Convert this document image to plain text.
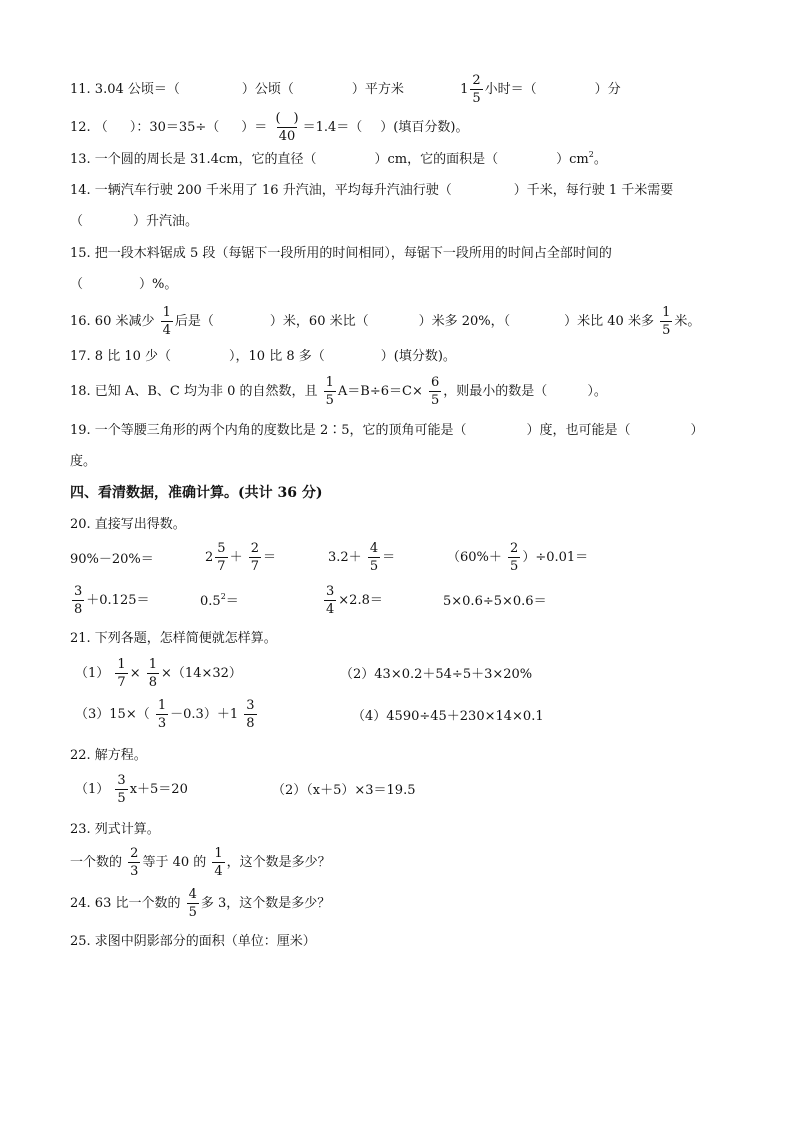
11. 3.04 公顷＝（	）公顷（	）平方米	$1 \frac{2}{5}$ 小时＝（	）分
12. （ ）：30＝35÷（ ）＝ $\frac{( )}{40} =1.4=$（ ）(填百分数)。
13. 一个圆的周长是 31.4cm，它的直径（	）cm，它的面积是（	）$cm^2$。
14. 一辆汽车行驶 200 千米用了 16 升汽油，平均每升汽油行驶（	）千米，每行驶 1 千米需要
（	）升汽油。
15. 把一段木料锯成 5 段（每锯下一段所用的时间相同），每锯下一段所用的时间占全部时间的
（	）%。
16. 60 米减少 $\frac{1}{4}$ 后是（	）米，60 米比（	）米多 20%，（	）米比 40 米多 $\frac{1}{5}$ 米。
17. 8 比 10 少（	），10 比 8 多（	）(填分数)。
18. 已知 A、B、C 均为非 0 的自然数，且 $\frac{1}{5} A=B\div 6=C\times \frac{6}{5}$ ，则最小的数是（	）。
19. 一个等腰三角形的两个内角的度数比是 2∶5，它的顶角可能是（	）度，也可能是（	）
度。
四、看清数据，准确计算。(共计 36 分)
20. 直接写出得数。
90%－20%＝	$2 \frac{5}{7} + \frac{2}{7}$ ＝	$3.2+ \frac{4}{5}$ ＝	$(60\%+ \frac{2}{5} )\div 0.01=$
$\frac{3}{8} +0.125=$	$0.5^2=$	$\frac{3}{4} \times 2.8=$	5×0.6÷5×0.6＝
21. 下列各题，怎样简便就怎样算。
$(1) \frac{1}{7} \times \frac{1}{8} \times(14\times 32)$	（2）43×0.2＋54÷5＋3×20%
$(3)15\times( \frac{1}{3} -0.3)+1 \frac{3}{8}$	（4）4590÷45＋230×14×0.1
22. 解方程。
$(1) \frac{3}{5} x+5=20$	（2）（x＋5）×3＝19.5
23. 列式计算。
一个数的 $\frac{2}{3}$ 等于 40 的 $\frac{1}{4}$ ，这个数是多少？
24. 63 比一个数的 $\frac{4}{5}$ 多 3，这个数是多少？
25. 求图中阴影部分的面积（单位：厘米）
